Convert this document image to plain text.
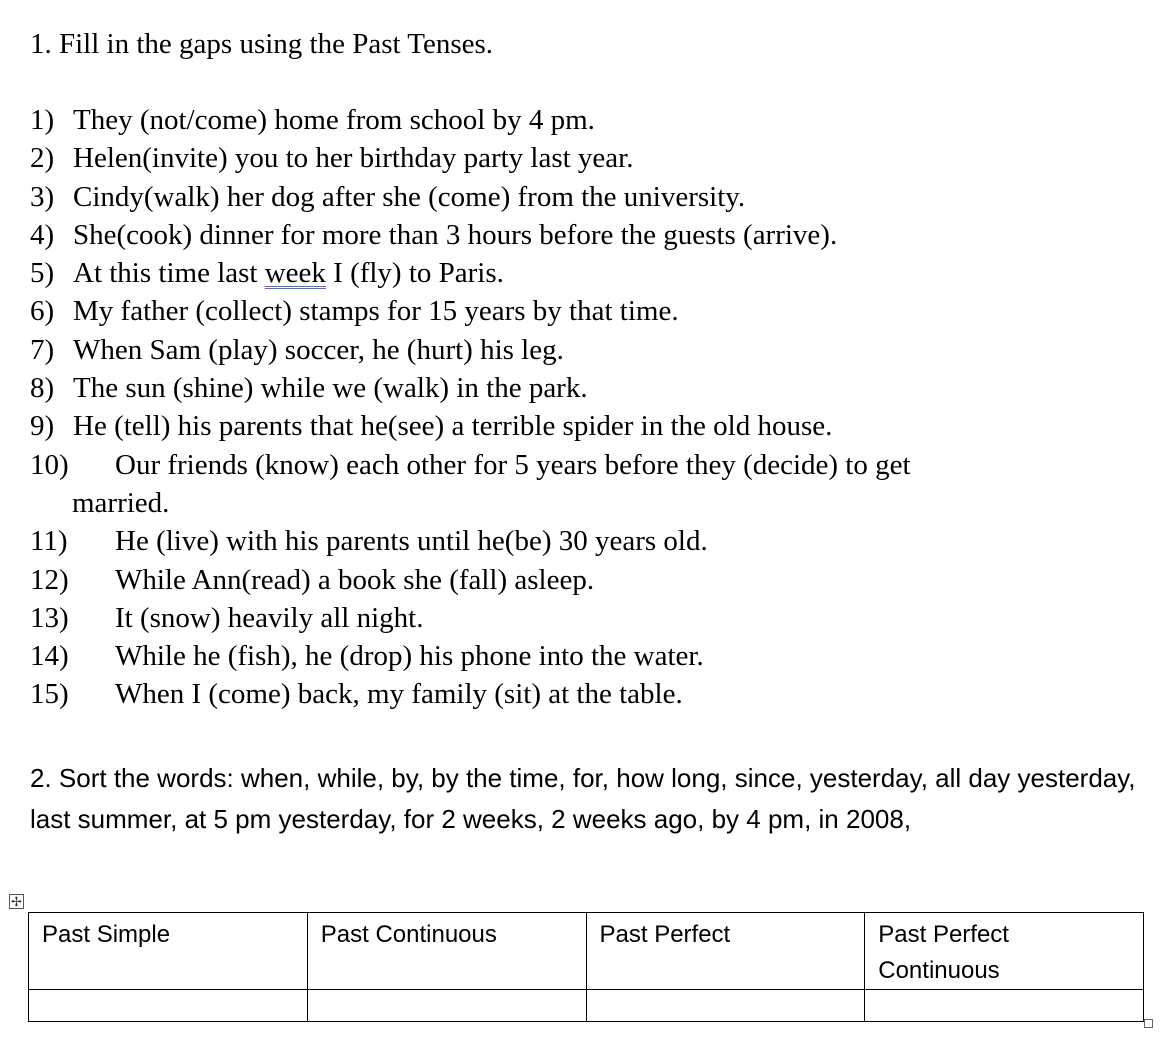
1. Fill in the gaps using the Past Tenses.
1) They (not/come) home from school by 4 pm.
2) Helen(invite) you to her birthday party last year.
3) Cindy(walk) her dog after she (come) from the university.
4) She(cook) dinner for more than 3 hours before the guests (arrive).
5) At this time last week I (fly) to Paris.
6) My father (collect) stamps for 15 years by that time.
7) When Sam (play) soccer, he (hurt) his leg.
8) The sun (shine) while we (walk) in the park.
9) He (tell) his parents that he(see) a terrible spider in the old house.
10) Our friends (know) each other for 5 years before they (decide) to get
married.
11) He (live) with his parents until he(be) 30 years old.
12) While Ann(read) a book she (fall) asleep.
13) It (snow) heavily all night.
14) While he (fish), he (drop) his phone into the water.
15) When I (come) back, my family (sit) at the table.
2. Sort the words: when, while, by, by the time, for, how long, since, yesterday, all day yesterday, last summer, at 5 pm yesterday, for 2 weeks, 2 weeks ago, by 4 pm, in 2008,
✢
Past Simple	Past Continuous	Past Perfect	Past Perfect Continuous
